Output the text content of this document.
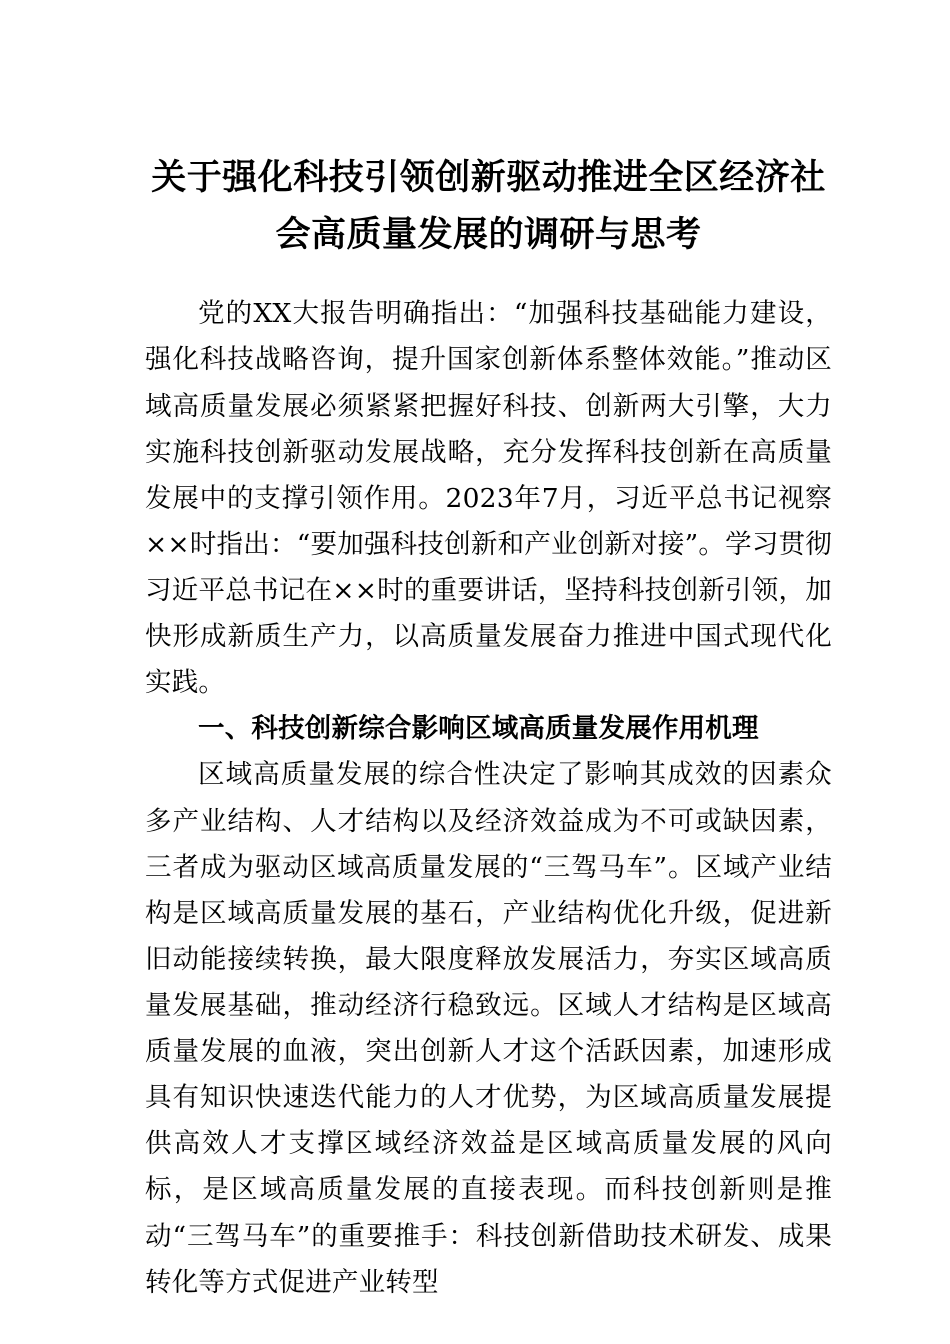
关于强化科技引领创新驱动推进全区经济社会高质量发展的调研与思考

党的XX大报告明确指出：“加强科技基础能力建设，强化科技战略咨询，提升国家创新体系整体效能。”推动区域高质量发展必须紧紧把握好科技、创新两大引擎，大力实施科技创新驱动发展战略，充分发挥科技创新在高质量发展中的支撑引领作用。2023年7月，习近平总书记视察××时指出：“要加强科技创新和产业创新对接”。学习贯彻习近平总书记在××时的重要讲话，坚持科技创新引领，加快形成新质生产力，以高质量发展奋力推进中国式现代化实践。

一、科技创新综合影响区域高质量发展作用机理

区域高质量发展的综合性决定了影响其成效的因素众多产业结构、人才结构以及经济效益成为不可或缺因素，三者成为驱动区域高质量发展的“三驾马车”。区域产业结构是区域高质量发展的基石，产业结构优化升级，促进新旧动能接续转换，最大限度释放发展活力，夯实区域高质量发展基础，推动经济行稳致远。区域人才结构是区域高质量发展的血液，突出创新人才这个活跃因素，加速形成具有知识快速迭代能力的人才优势，为区域高质量发展提供高效人才支撑区域经济效益是区域高质量发展的风向标，是区域高质量发展的直接表现。而科技创新则是推动“三驾马车”的重要推手：科技创新借助技术研发、成果转化等方式促进产业转型
